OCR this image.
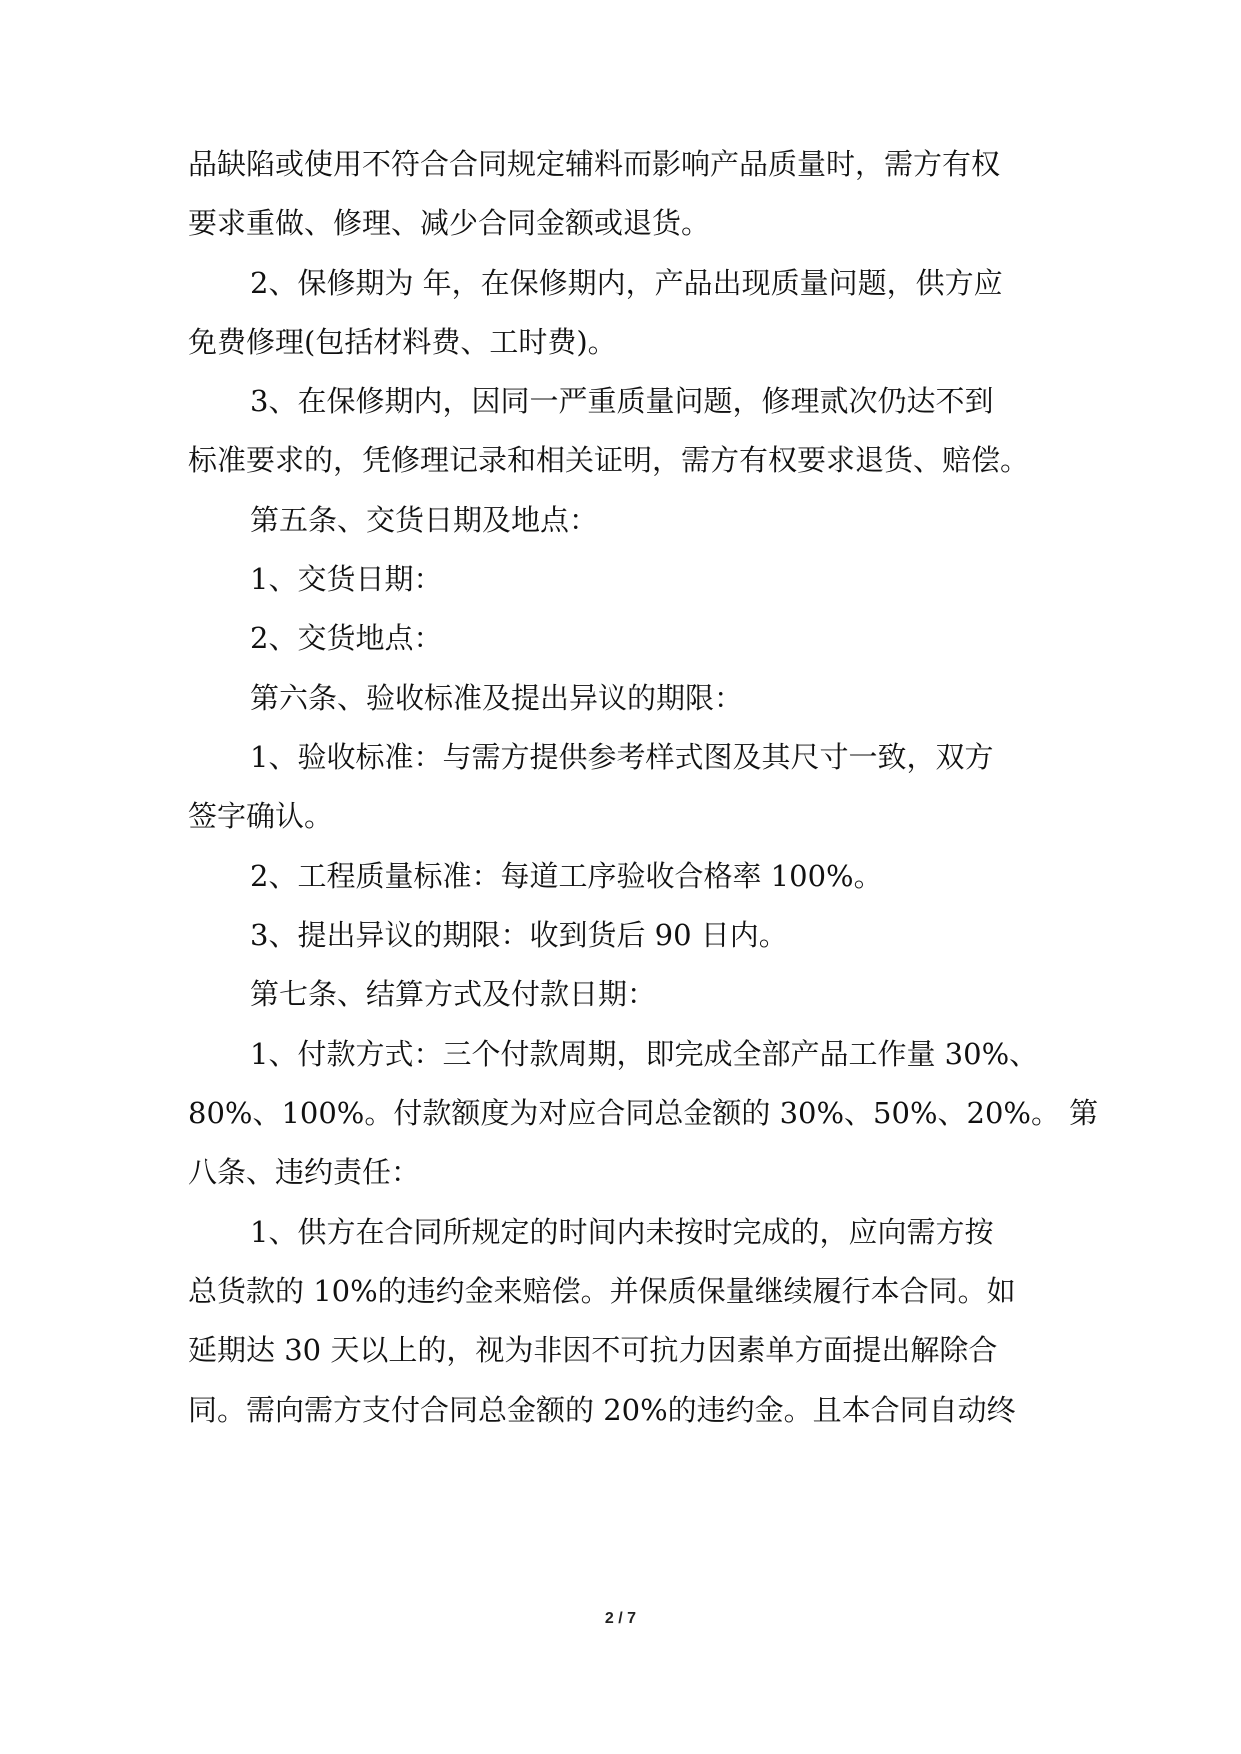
品缺陷或使用不符合合同规定辅料而影响产品质量时，需方有权
要求重做、修理、减少合同金额或退货。
2、保修期为 年，在保修期内，产品出现质量问题，供方应
免费修理(包括材料费、工时费)。
3、在保修期内，因同一严重质量问题，修理贰次仍达不到
标准要求的，凭修理记录和相关证明，需方有权要求退货、赔偿。
第五条、交货日期及地点：
1、交货日期：
2、交货地点：
第六条、验收标准及提出异议的期限：
1、验收标准：与需方提供参考样式图及其尺寸一致，双方
签字确认。
2、工程质量标准：每道工序验收合格率 100%。
3、提出异议的期限：收到货后 90 日内。
第七条、结算方式及付款日期：
1、付款方式：三个付款周期，即完成全部产品工作量 30%、
80%、100%。付款额度为对应合同总金额的 30%、50%、20%。 第
八条、违约责任：
1、供方在合同所规定的时间内未按时完成的，应向需方按
总货款的 10%的违约金来赔偿。并保质保量继续履行本合同。如
延期达 30 天以上的，视为非因不可抗力因素单方面提出解除合
同。需向需方支付合同总金额的 20%的违约金。且本合同自动终
2 / 7
